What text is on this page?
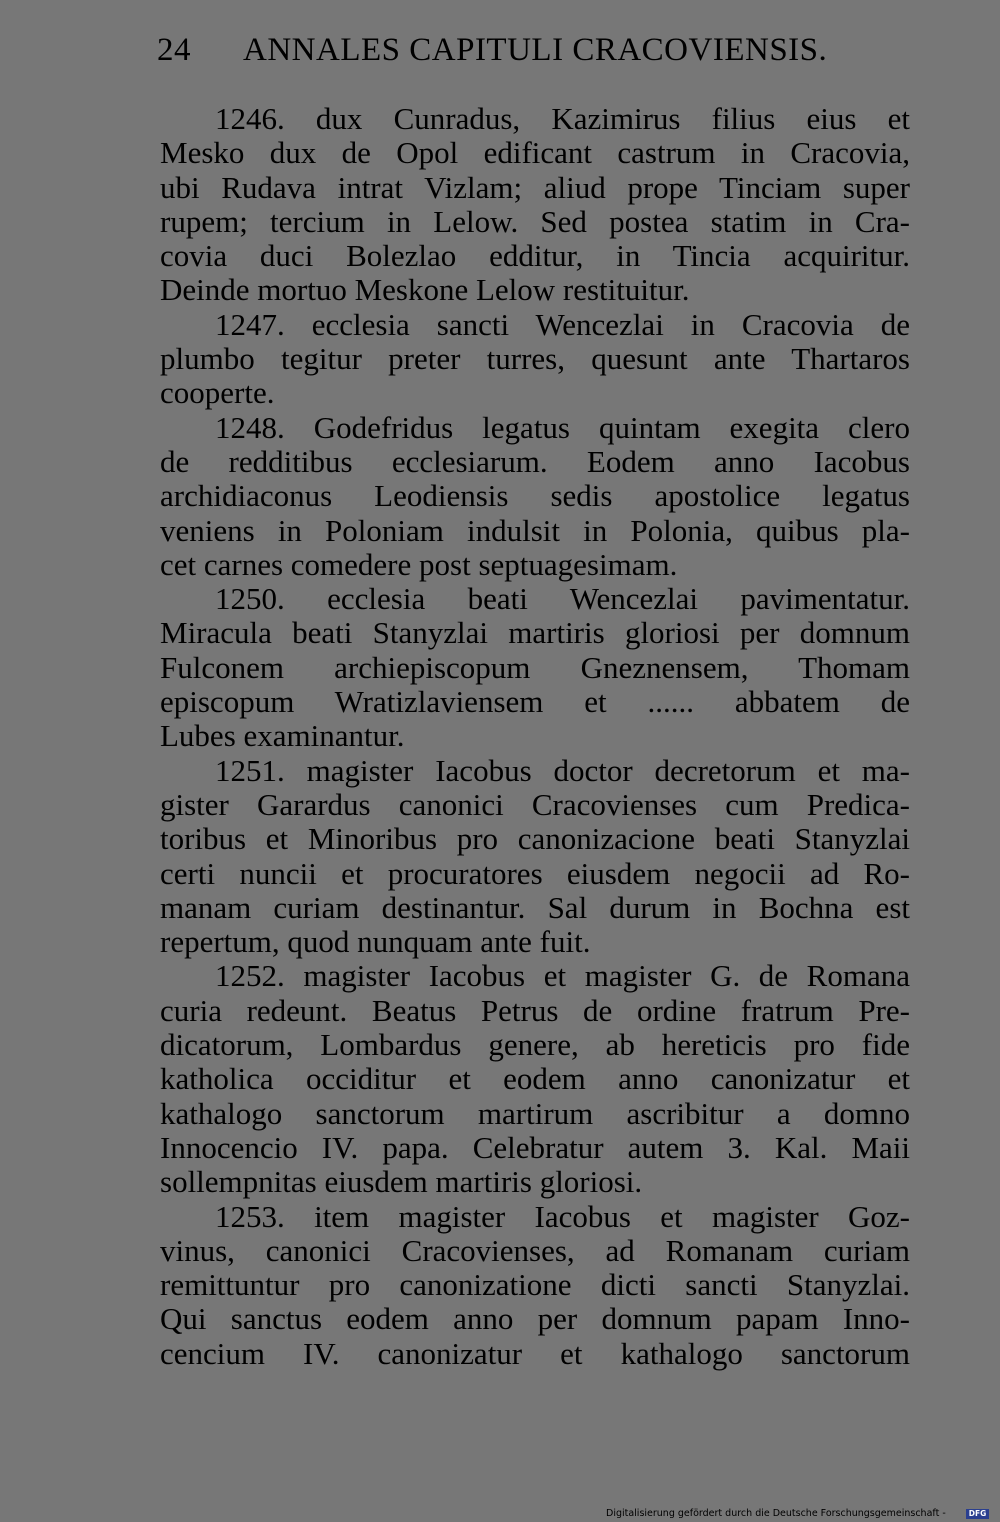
24 ANNALES CAPITULI CRACOVIENSIS.
1246. dux Cunradus, Kazimirus filius eius et
Mesko dux de Opol edificant castrum in Cracovia,
ubi Rudava intrat Vizlam; aliud prope Tinciam super
rupem; tercium in Lelow. Sed postea statim in Cra-
covia duci Bolezlao edditur, in Tincia acquiritur.
Deinde mortuo Meskone Lelow restituitur.
1247. ecclesia sancti Wencezlai in Cracovia de
plumbo tegitur preter turres, quesunt ante Thartaros
cooperte.
1248. Godefridus legatus quintam exegita clero
de redditibus ecclesiarum. Eodem anno Iacobus
archidiaconus Leodiensis sedis apostolice legatus
veniens in Poloniam indulsit in Polonia, quibus pla-
cet carnes comedere post septuagesimam.
1250. ecclesia beati Wencezlai pavimentatur.
Miracula beati Stanyzlai martiris gloriosi per domnum
Fulconem archiepiscopum Gneznensem, Thomam
episcopum Wratizlaviensem et ...... abbatem de
Lubes examinantur.
1251. magister Iacobus doctor decretorum et ma-
gister Garardus canonici Cracovienses cum Predica-
toribus et Minoribus pro canonizacione beati Stanyzlai
certi nuncii et procuratores eiusdem negocii ad Ro-
manam curiam destinantur. Sal durum in Bochna est
repertum, quod nunquam ante fuit.
1252. magister Iacobus et magister G. de Romana
curia redeunt. Beatus Petrus de ordine fratrum Pre-
dicatorum, Lombardus genere, ab hereticis pro fide
katholica occiditur et eodem anno canonizatur et
kathalogo sanctorum martirum ascribitur a domno
Innocencio IV. papa. Celebratur autem 3. Kal. Maii
sollempnitas eiusdem martiris gloriosi.
1253. item magister Iacobus et magister Goz-
vinus, canonici Cracovienses, ad Romanam curiam
remittuntur pro canonizatione dicti sancti Stanyzlai.
Qui sanctus eodem anno per domnum papam Inno-
cencium IV. canonizatur et kathalogo sanctorum
Digitalisierung gefördert durch die Deutsche Forschungsgemeinschaft -	DFG
